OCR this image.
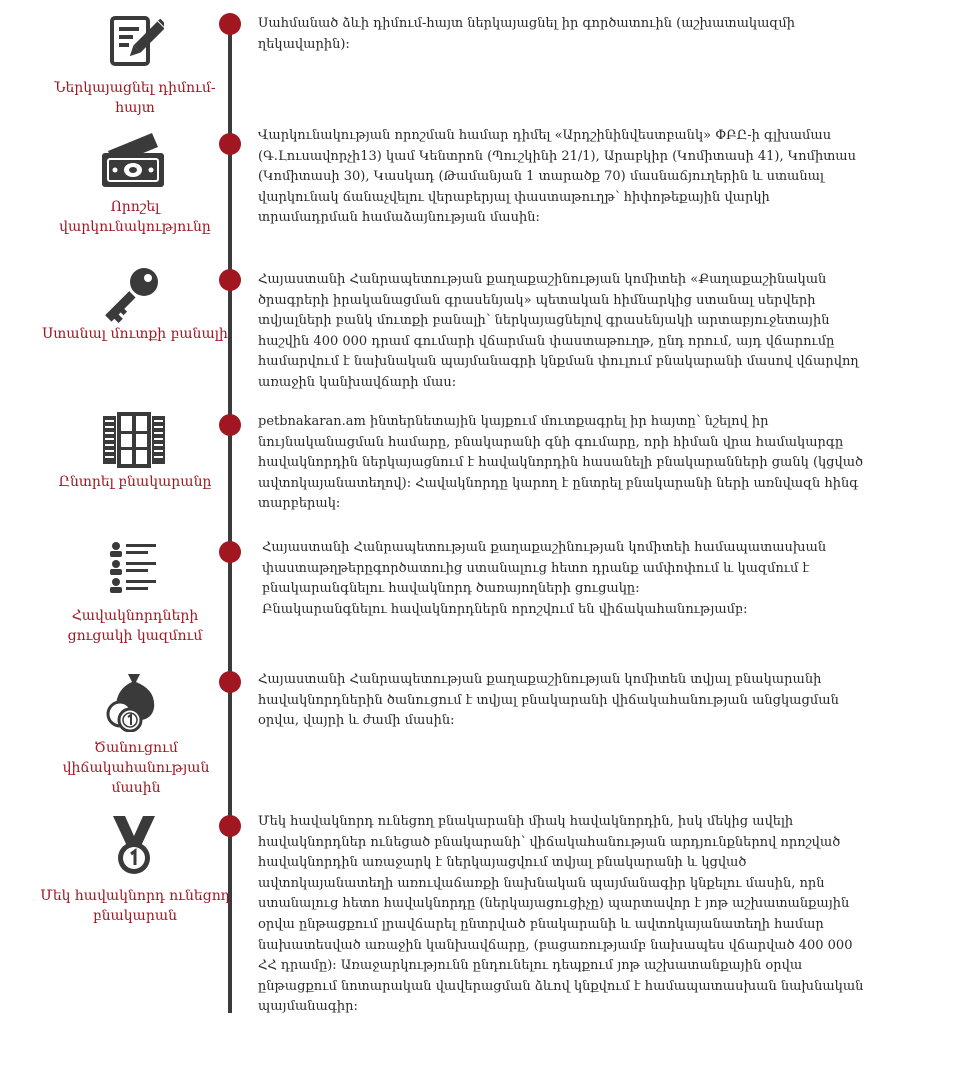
Ներկայացնել դիմում-հայտ
Սահմանած ձևի դիմում-հայտ ներկայացնել իր գործատուին (աշխատակազմի ղեկավարին):
Որոշել վարկունակությունը
Վարկունակության որոշման համար դիմել «Արդշինինվեստբանկ» ՓԲԸ-ի գլխամաս (Գ.Լուսավորչի13) կամ Կենտրոն (Պուշկինի 21/1), Արաբկիր (Կոմիտասի 41), Կոմիտաս (Կոմիտասի 30), Կասկադ (Թամանյան 1 տարածք 70) մասնաճյուղերին և ստանալ վարկունակ ճանաչվելու վերաբերյալ փաստաթուղթ՝ հիփոթեքային վարկի տրամադրման համաձայնության մասին:
Ստանալ մուտքի բանալի
Հայաստանի Հանրապետության քաղաքաշինության կոմիտեի «Քաղաքաշինական ծրագրերի իրականացման գրասենյակ» պետական հիմնարկից ստանալ սերվերի տվյալների բանկ մուտքի բանալի՝ ներկայացնելով գրասենյակի արտաբյուջետային հաշվին 400 000 դրամ գումարի վճարման փաստաթուղթ, ընդ որում, այդ վճարումը համարվում է նախնական պայմանագրի կնքման փուլում բնակարանի մասով վճարվող առաջին կանխավճարի մաս:
Ընտրել բնակարանը
petbnakaran.am ինտերնետային կայքում մուտքագրել իր հայտը՝ նշելով իր նույնականացման համարը, բնակարանի գնի գումարը, որի հիման վրա համակարգը հավակնորդին ներկայացնում է հավակնորդին հասանելի բնակարանների ցանկ (կցված ավտոկայանատեղով): Հավակնորդը կարող է ընտրել բնակարանի ների առնվազն հինգ տարբերակ:
Հավակնորդների ցուցակի կազմում
Հայաստանի Հանրապետության քաղաքաշինության կոմիտեի համապատասխան փաստաթղթերըգործատուից ստանալուց հետո դրանք ամփոփում և կազմում է բնակարանգնելու հավակնորդ ծառայողների ցուցակը:
Բնակարանգնելու հավակնորդներն որոշվում են վիճակահանությամբ:
Ծանուցում վիճակահանության մասին
Հայաստանի Հանրապետության քաղաքաշինության կոմիտեն տվյալ բնակարանի հավակնորդներին ծանուցում է տվյալ բնակարանի վիճակահանության անցկացման օրվա, վայրի և ժամի մասին:
Մեկ հավակնորդ ունեցող բնակարան
Մեկ հավակնորդ ունեցող բնակարանի միակ հավակնորդին, իսկ մեկից ավելի հավակնորդներ ունեցած բնակարանի՝ վիճակահանության արդյունքներով որոշված հավակնորդին առաջարկ է ներկայացվում տվյալ բնակարանի և կցված ավտոկայանատեղի առուվաճառքի նախնական պայմանագիր կնքելու մասին, որն ստանալուց հետո հավակնորդը (ներկայացուցիչը) պարտավոր է յոթ աշխատանքային օրվա ընթացքում լրավճարել ընտրված բնակարանի և ավտոկայանատեղի համար նախատեսված առաջին կանխավճարը, (բացառությամբ նախապես վճարված 400 000 ՀՀ դրամը): Առաջարկությունն ընդունելու դեպքում յոթ աշխատանքային օրվա ընթացքում նոտարական վավերացման ձևով կնքվում է համապատասխան նախնական պայմանագիր:
